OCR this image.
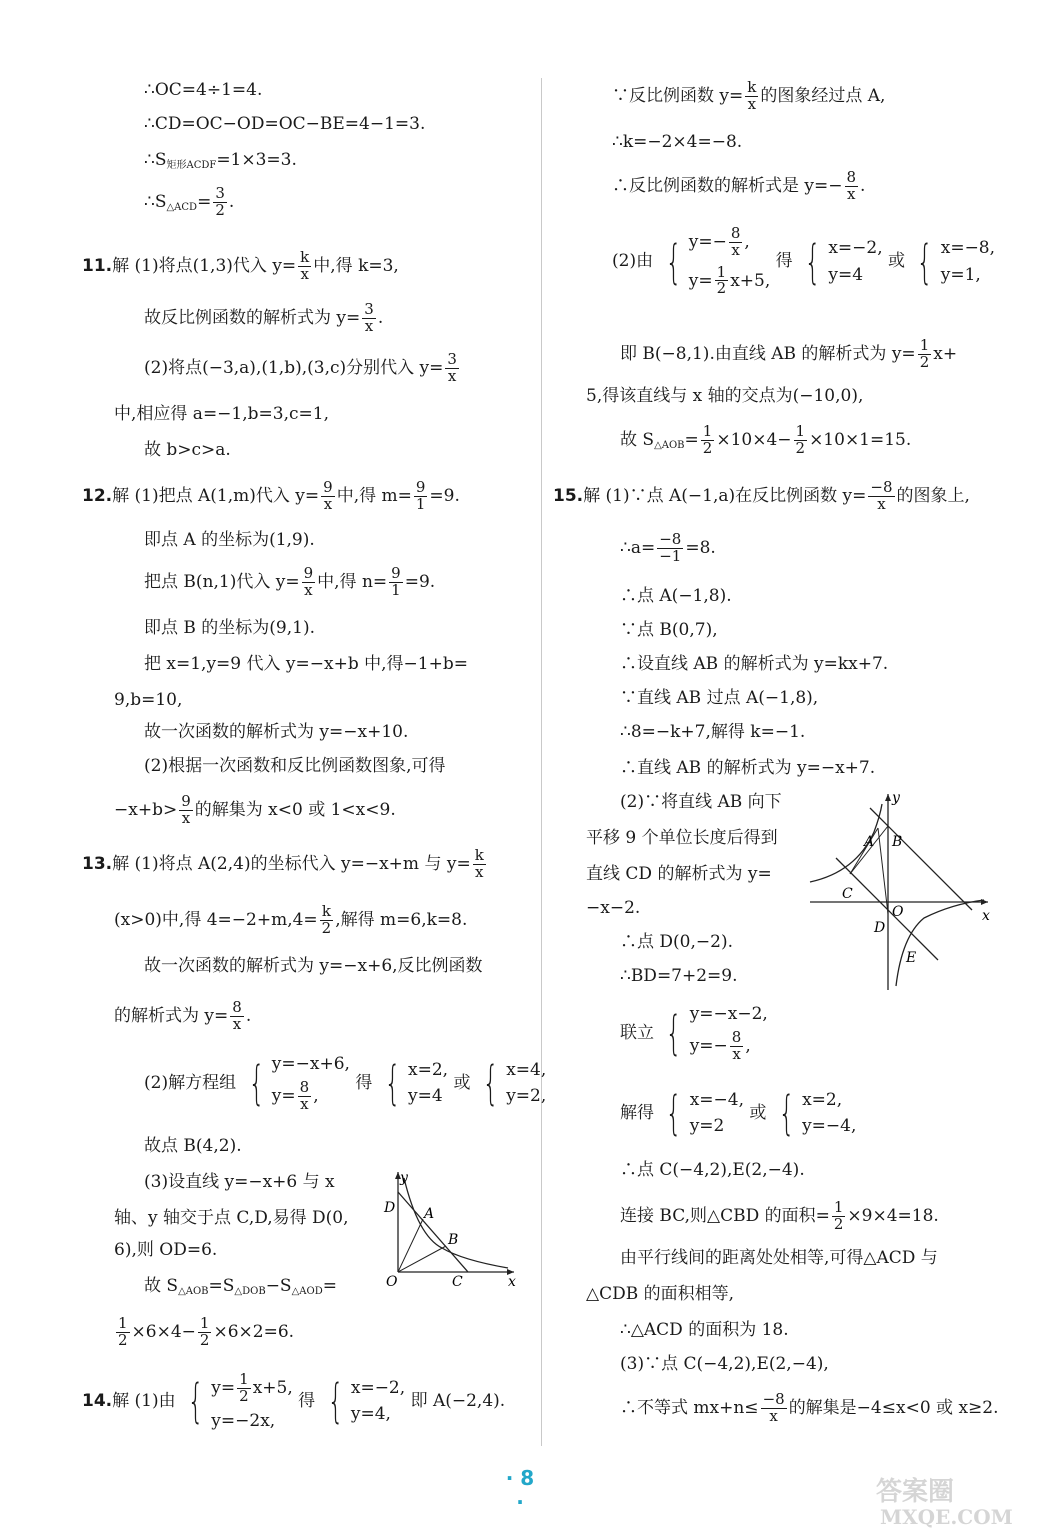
∴OC=4÷1=4.
∴CD=OC−OD=OC−BE=4−1=3.
$\therefore S_{矩形ACDF}=1\times 3=3$.
$\therefore S_{\triangle ACD}= \frac{3}{2}$ .
11.解 (1)将点(1,3)代入 $y= \frac{k}{x}$ 中,得 k=3,
故反比例函数的解析式为 $y= \frac{3}{x}$ .
(2)将点(−3,a),(1,b),(3,c)分别代入 $y= \frac{3}{x}$
中,相应得 a=−1,b=3,c=1,
故 b>c>a.
12.解 (1)把点 A(1,m)代入 $y= \frac{9}{x}$ 中,得 $m= \frac{9}{1} =9$.
即点 A 的坐标为(1,9).
把点 B(n,1)代入 $y= \frac{9}{x}$ 中,得 $n= \frac{9}{1} =9$.
即点 B 的坐标为(9,1).
把 x=1,y=9 代入 y=−x+b 中,得−1+b=
9,b=10,
故一次函数的解析式为 y=−x+10.
(2)根据一次函数和反比例函数图象,可得
$-x+b> \frac{9}{x}$ 的解集为 x<0 或 1<x<9.
13.解 (1)将点 A(2,4)的坐标代入 y=−x+m 与 $y= \frac{k}{x}$
(x>0)中,得 $4=-2+m,4= \frac{k}{2}$ ,解得 m=6,k=8.
故一次函数的解析式为 y=−x+6,反比例函数
的解析式为 $y= \frac{8}{x}$ .
(2)解方程组 { y=−x+6,
$y= \frac{8}{x}$ ,
得 { x=2,
y=4
或 { x=4,
y=2,
故点 B(4,2).
(3)设直线 y=−x+6 与 x
轴、y 轴交于点 C,D,易得 D(0,
6),则 OD=6.
故 $S_{\triangle AOB}=S_{\triangle DOB}-S_{\triangle AOD}=$
$\frac{1}{2} \times 6\times 4- \frac{1}{2} \times 6\times 2=6$.
y
x
O
D A
B
C
14.解 (1)由 { $y= \frac{1}{2} x+5$,
y=−2x,
得 { x=−2,
y=4,
即 A(−2,4).
∵反比例函数 $y= \frac{k}{x}$ 的图象经过点 A,
∴k=−2×4=−8.
∴反比例函数的解析式是 $y=- \frac{8}{x}$ .
(2)由 { $y=- \frac{8}{x}$ ,
$y= \frac{1}{2} x+5$,
得 { x=−2,
y=4
或 { x=−8,
y=1,
即 B(−8,1).由直线 AB 的解析式为 $y= \frac{1}{2} x+$
5,得该直线与 x 轴的交点为(−10,0),
故 $S_{\triangle AOB}= \frac{1}{2} \times 10\times 4- \frac{1}{2} \times 10\times 1=15$.
15.解 (1)∵点 A(−1,a)在反比例函数 $y= \frac{-8}{x}$ 的图象上,
∴a= $\frac{-8}{-1} =8$.
∴点 A(−1,8).
∵点 B(0,7),
∴设直线 AB 的解析式为 y=kx+7.
∵直线 AB 过点 A(−1,8),
∴8=−k+7,解得 k=−1.
∴直线 AB 的解析式为 y=−x+7.
(2)∵将直线 AB 向下
平移 9 个单位长度后得到
直线 CD 的解析式为 y=
−x−2.
∴点 D(0,−2).
∴BD=7+2=9.
联立 { y=−x−2,
$y=- \frac{8}{x}$ ,
解得 { x=−4,
y=2
或 { x=2,
y=−4,
∴点 C(−4,2),E(2,−4).
连接 BC,则△CBD 的面积= $\frac{1}{2} \times 9\times 4=18$.
由平行线间的距离处处相等,可得△ACD 与
△CDB 的面积相等,
∴△ACD 的面积为 18.
(3)∵点 C(−4,2),E(2,−4),
∴不等式 $mx+n\le \frac{-8}{x}$ 的解集是−4≤x<0 或 x≥2.
y
x
O
A B
C
D
E
· 8 ·	答案圈
MXQE.COM
